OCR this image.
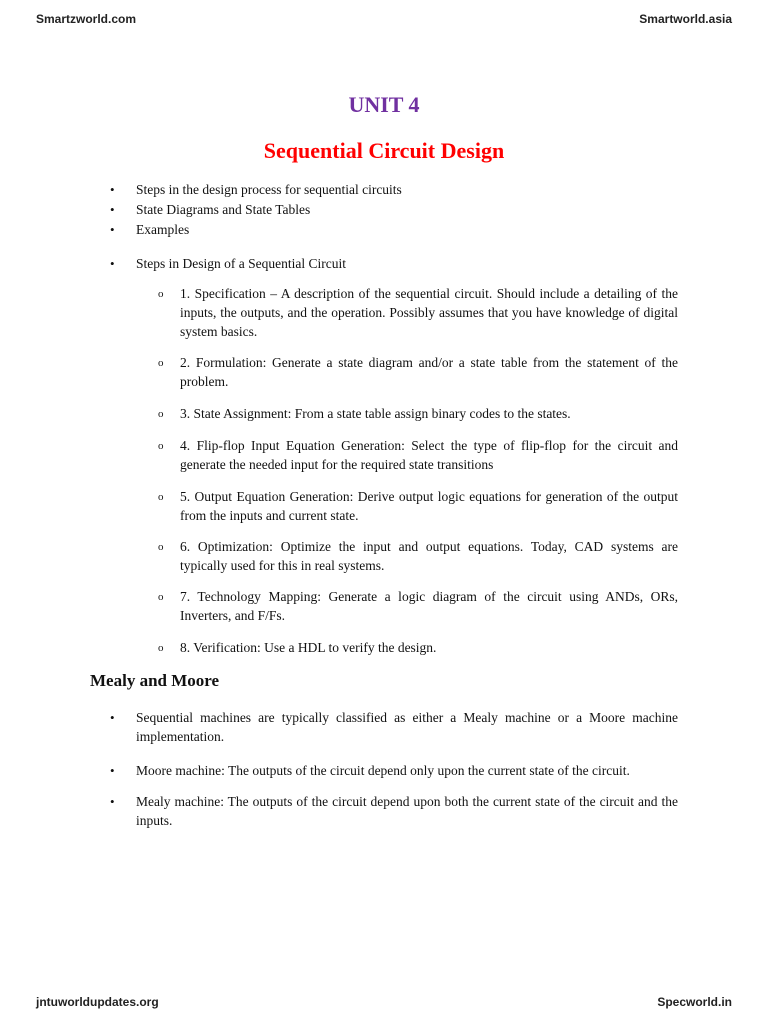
Smartzworld.com	Smartworld.asia
UNIT 4
Sequential Circuit Design
•	Steps in the design process for sequential circuits
•	State Diagrams and State Tables
•	Examples
•	Steps in Design of a Sequential Circuit
o	1. Specification – A description of the sequential circuit. Should include a detailing of the inputs, the outputs, and the operation. Possibly assumes that you have knowledge of digital system basics.
o	2. Formulation: Generate a state diagram and/or a state table from the statement of the problem.
o	3. State Assignment: From a state table assign binary codes to the states.
o	4. Flip-flop Input Equation Generation: Select the type of flip-flop for the circuit and generate the needed input for the required state transitions
o	5. Output Equation Generation: Derive output logic equations for generation of the output from the inputs and current state.
o	6. Optimization: Optimize the input and output equations. Today, CAD systems are typically used for this in real systems.
o	7. Technology Mapping: Generate a logic diagram of the circuit using ANDs, ORs, Inverters, and F/Fs.
o	8. Verification: Use a HDL to verify the design.
Mealy and Moore
•	Sequential machines are typically classified as either a Mealy machine or a Moore machine implementation.
•	Moore machine: The outputs of the circuit depend only upon the current state of the circuit.
•	Mealy machine: The outputs of the circuit depend upon both the current state of the circuit and the inputs.
jntuworldupdates.org	Specworld.in
